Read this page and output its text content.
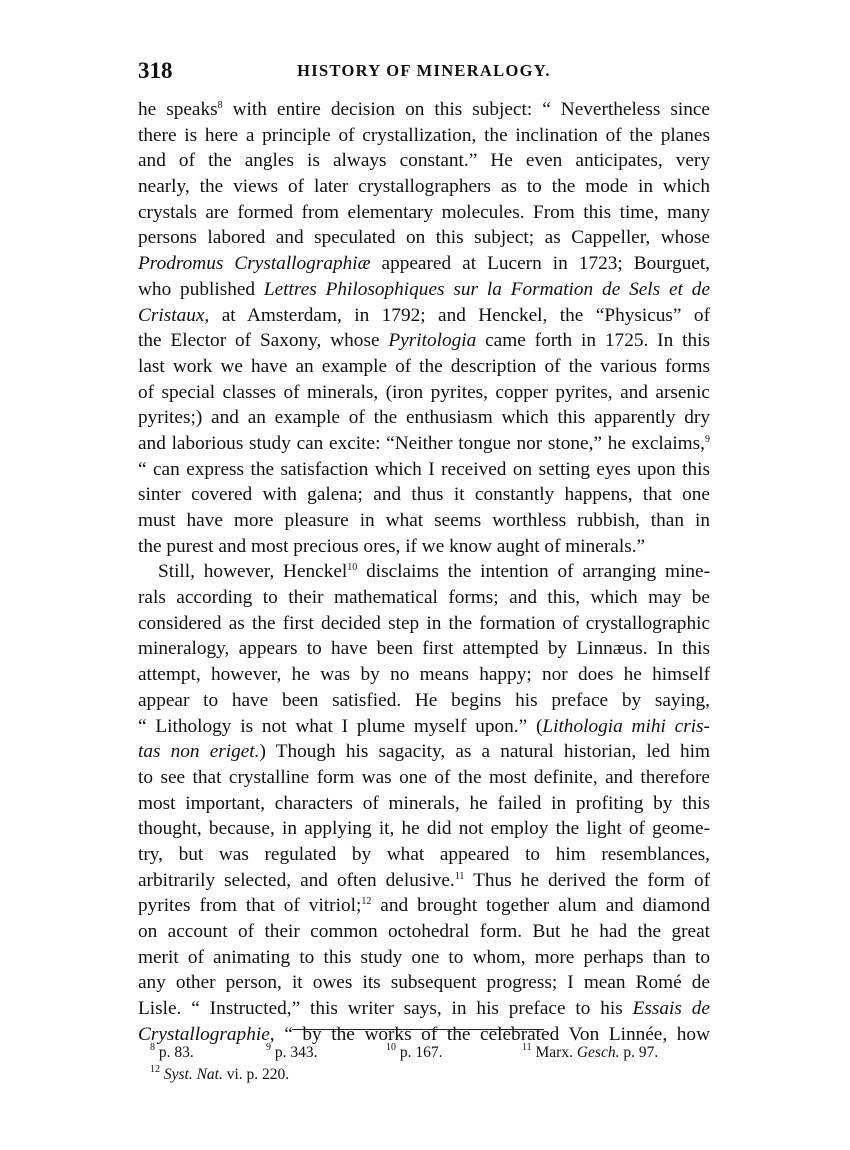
318	HISTORY OF MINERALOGY.
he speaks$^8$ with entire decision on this subject: “ Nevertheless since
there is here a principle of crystallization, the inclination of the planes
and of the angles is always constant.” He even anticipates, very
nearly, the views of later crystallographers as to the mode in which
crystals are formed from elementary molecules. From this time, many
persons labored and speculated on this subject; as Cappeller, whose
Prodromus Crystallographiæ appeared at Lucern in 1723; Bourguet,
who published Lettres Philosophiques sur la Formation de Sels et de
Cristaux, at Amsterdam, in 1792; and Henckel, the “Physicus” of
the Elector of Saxony, whose Pyritologia came forth in 1725. In this
last work we have an example of the description of the various forms
of special classes of minerals, (iron pyrites, copper pyrites, and arsenic
pyrites;) and an example of the enthusiasm which this apparently dry
and laborious study can excite: “Neither tongue nor stone,” he exclaims,$^9$
“ can express the satisfaction which I received on setting eyes upon this
sinter covered with galena; and thus it constantly happens, that one
must have more pleasure in what seems worthless rubbish, than in
the purest and most precious ores, if we know aught of minerals.”
Still, however, Henckel$^{10}$ disclaims the intention of arranging mine-
rals according to their mathematical forms; and this, which may be
considered as the first decided step in the formation of crystallographic
mineralogy, appears to have been first attempted by Linnæus. In this
attempt, however, he was by no means happy; nor does he himself
appear to have been satisfied. He begins his preface by saying,
“ Lithology is not what I plume myself upon.” (Lithologia mihi cris-
tas non eriget.) Though his sagacity, as a natural historian, led him
to see that crystalline form was one of the most definite, and therefore
most important, characters of minerals, he failed in profiting by this
thought, because, in applying it, he did not employ the light of geome-
try, but was regulated by what appeared to him resemblances,
arbitrarily selected, and often delusive.$^{11}$ Thus he derived the form of
pyrites from that of vitriol;$^{12}$ and brought together alum and diamond
on account of their common octohedral form. But he had the great
merit of animating to this study one to whom, more perhaps than to
any other person, it owes its subsequent progress; I mean Romé de
Lisle. “ Instructed,” this writer says, in his preface to his Essais de
Crystallographie, “ by the works of the celebrated Von Linnée, how
$^8$ p. 83.	$^9$ p. 343.	$^{10}$ p. 167.	$^{11}$ Marx. Gesch. p. 97.
$^{12}$ Syst. Nat. vi. p. 220.
